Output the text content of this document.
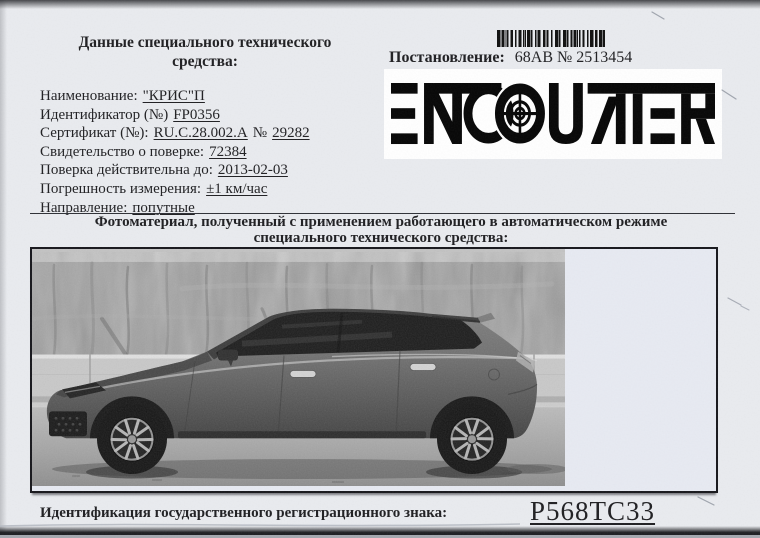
Данные специального технического
средства:	Постановление: 68АВ № 2513454
Наименование: "КРИС"П
Идентификатор (№) FP0356
Сертификат (№): RU.C.28.002.A № 29282
Свидетельство о поверке: 72384
Поверка действительна до: 2013-02-03
Погрешность измерения: ±1 км/час
Направление: попутные
Фотоматериал, полученный с применением работающего в автоматическом режиме
специального технического средства:
Идентификация государственного регистрационного знака:	Р568ТС33
